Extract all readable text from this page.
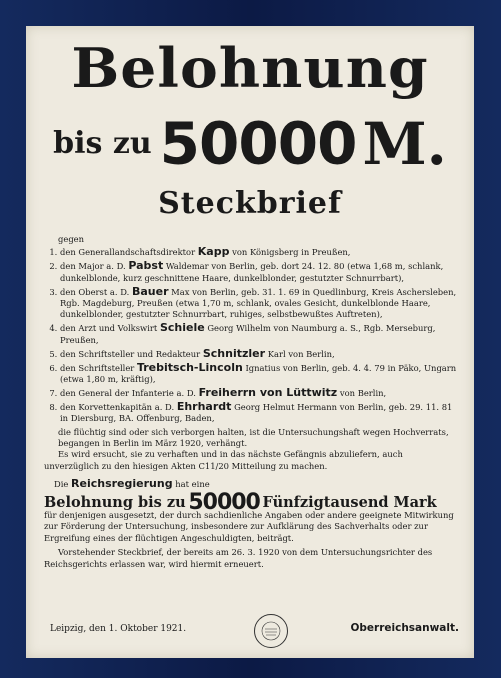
Belohnung
bis zu 50000 M.
Steckbrief
gegen
1. den Generallandschaftsdirektor Kapp von Königsberg in Preußen,
2. den Major a. D. Pabst Waldemar von Berlin, geb. dort 24. 12. 80 (etwa 1,68 m, schlank, dunkelblonde, kurz geschnittene Haare, dunkelblonder, gestutzter Schnurrbart),
3. den Oberst a. D. Bauer Max von Berlin, geb. 31. 1. 69 in Quedlinburg, Kreis Aschersleben, Rgb. Magdeburg, Preußen (etwa 1,70 m, schlank, ovales Gesicht, dunkelblonde Haare, dunkelblonder, gestutzter Schnurrbart, ruhiges, selbstbewußtes Auftreten),
4. den Arzt und Volkswirt Schiele Georg Wilhelm von Naumburg a. S., Rgb. Merseburg, Preußen,
5. den Schriftsteller und Redakteur Schnitzler Karl von Berlin,
6. den Schriftsteller Trebitsch-Lincoln Ignatius von Berlin, geb. 4. 4. 79 in Päko, Ungarn (etwa 1,80 m, kräftig),
7. den General der Infanterie a. D. Freiherrn von Lüttwitz von Berlin,
8. den Korvettenkapitän a. D. Ehrhardt Georg Helmut Hermann von Berlin, geb. 29. 11. 81 in Diersburg, BA. Offenburg, Baden,
die flüchtig sind oder sich verborgen halten, ist die Untersuchungshaft wegen Hochverrats, begangen in Berlin im März 1920, verhängt.
Es wird ersucht, sie zu verhaften und in das nächste Gefängnis abzuliefern, auch unverzüglich zu den hiesigen Akten C11/20 Mitteilung zu machen.
Die Reichsregierung hat eine
Belohnung bis zu 50000 Fünfzigtausend Mark
für denjenigen ausgesetzt, der durch sachdienliche Angaben oder andere geeignete Mitwirkung zur Förderung der Untersuchung, insbesondere zur Aufklärung des Sachverhalts oder zur Ergreifung eines der flüchtigen Angeschuldigten, beiträgt.
Vorstehender Steckbrief, der bereits am 26. 3. 1920 von dem Untersuchungsrichter des Reichsgerichts erlassen war, wird hiermit erneuert.
Leipzig, den 1. Oktober 1921.	Oberreichsanwalt.
